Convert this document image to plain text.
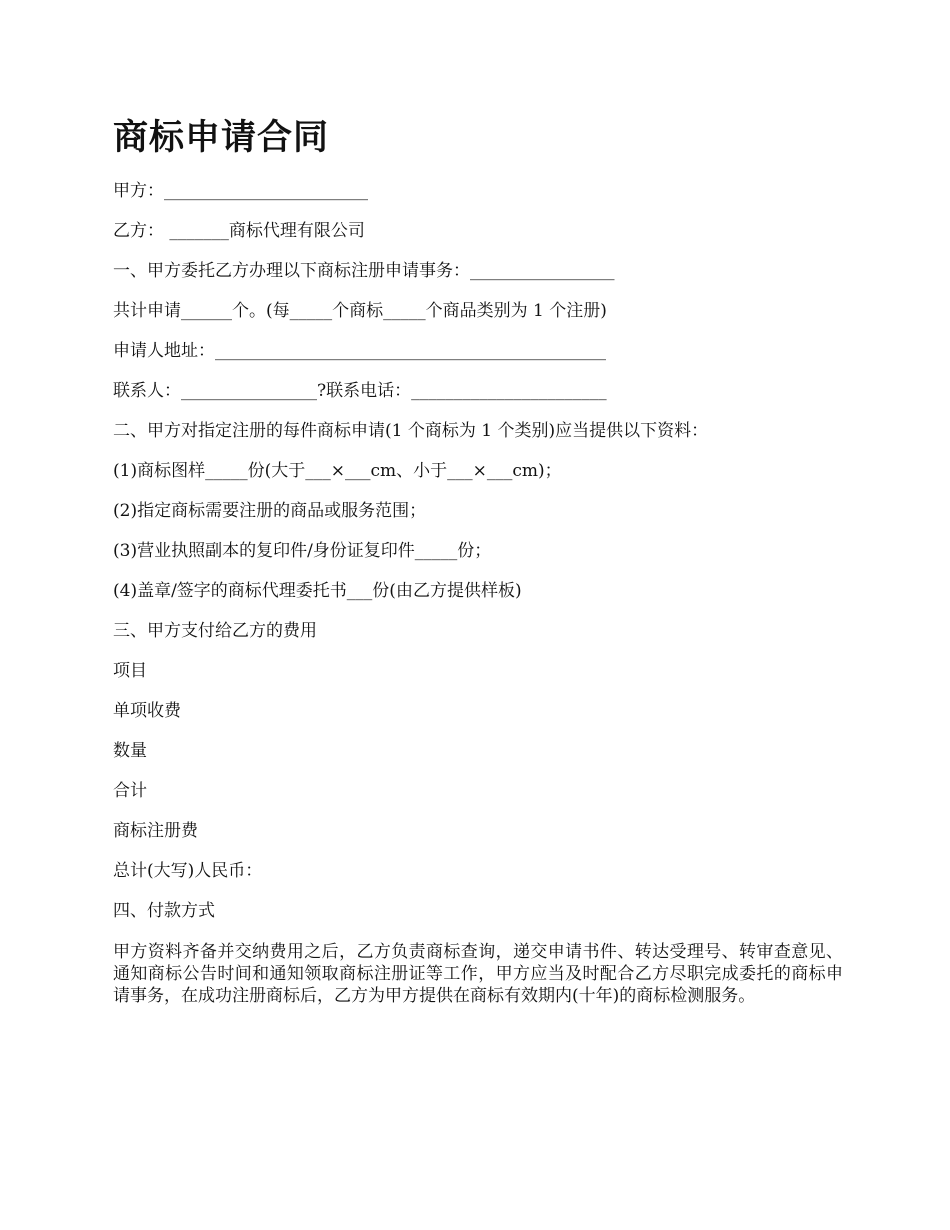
商标申请合同
甲方：________________________
乙方： _______商标代理有限公司
一、甲方委托乙方办理以下商标注册申请事务：_________________
共计申请______个。(每_____个商标_____个商品类别为 1 个注册)
申请人地址：______________________________________________
联系人：________________?联系电话：_______________________
二、甲方对指定注册的每件商标申请(1 个商标为 1 个类别)应当提供以下资料：
(1)商标图样_____份(大于___×___cm、小于___×___cm)；
(2)指定商标需要注册的商品或服务范围；
(3)营业执照副本的复印件/身份证复印件_____份；
(4)盖章/签字的商标代理委托书___份(由乙方提供样板)
三、甲方支付给乙方的费用
项目
单项收费
数量
合计
商标注册费
总计(大写)人民币：
四、付款方式

甲方资料齐备并交纳费用之后，乙方负责商标查询，递交申请书件、转达受理号、转审查意见、通知商标公告时间和通知领取商标注册证等工作，甲方应当及时配合乙方尽职完成委托的商标申请事务，在成功注册商标后，乙方为甲方提供在商标有效期内(十年)的商标检测服务。
